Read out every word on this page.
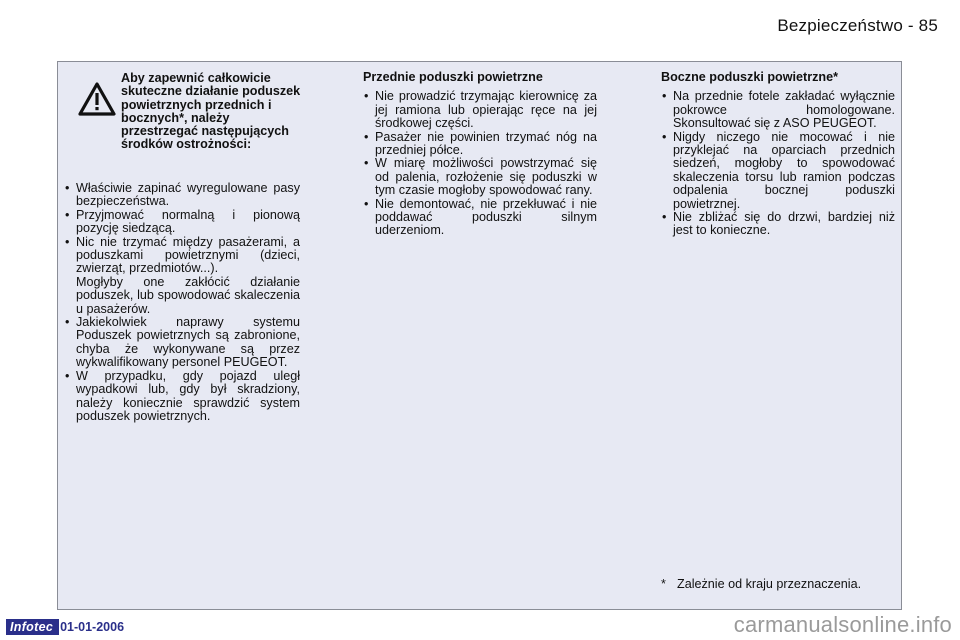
Bezpieczeństwo - 85
Aby zapewnić całkowicie skuteczne działanie poduszek powietrznych przednich i bocznych*, należy przestrzegać następujących środków ostrożności:
• Właściwie zapinać wyregulowane pasy bezpieczeństwa.
• Przyjmować normalną i pionową pozycję siedzącą.
• Nic nie trzymać między pasażerami, a poduszkami powietrznymi (dzieci, zwierząt, przedmiotów...).
Mogłyby one zakłócić działanie poduszek, lub spowodować skaleczenia u pasażerów.
• Jakiekolwiek naprawy systemu Poduszek powietrznych są zabronione, chyba że wykonywane są przez wykwalifikowany personel PEUGEOT.
• W przypadku, gdy pojazd uległ wypadkowi lub, gdy był skradziony, należy koniecznie sprawdzić system poduszek powietrznych.
Przednie poduszki powietrzne
• Nie prowadzić trzymając kierownicę za jej ramiona lub opierając ręce na jej środkowej części.
• Pasażer nie powinien trzymać nóg na przedniej półce.
• W miarę możliwości powstrzymać się od palenia, rozłożenie się poduszki w tym czasie mogłoby spowodować rany.
• Nie demontować, nie przekłuwać i nie poddawać poduszki silnym uderzeniom.
Boczne poduszki powietrzne*
• Na przednie fotele zakładać wyłącznie pokrowce homologowane. Skonsultować się z ASO PEUGEOT.
• Nigdy niczego nie mocować i nie przyklejać na oparciach przednich siedzeń, mogłoby to spowodować skaleczenia torsu lub ramion podczas odpalenia bocznej poduszki powietrznej.
• Nie zbliżać się do drzwi, bardziej niż jest to konieczne.
* Zależnie od kraju przeznaczenia.
Infotec 01-01-2006	carmanualsonline.info
